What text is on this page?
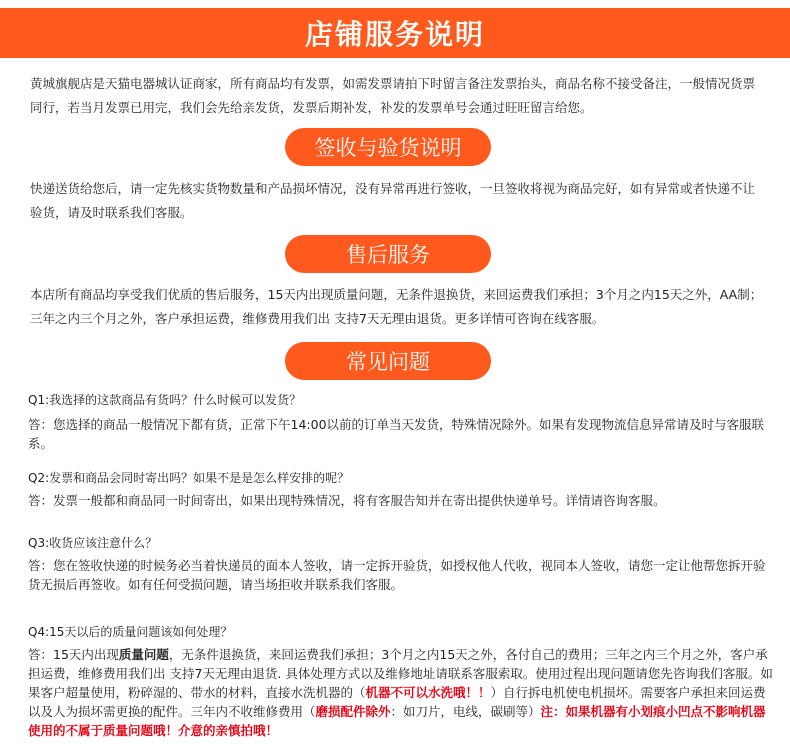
店铺服务说明
黄城旗舰店是天猫电器城认证商家，所有商品均有发票，如需发票请拍下时留言备注发票抬头，商品名称不接受备注，一般情况货票同行，若当月发票已用完，我们会先给亲发货，发票后期补发，补发的发票单号会通过旺旺留言给您。
签收与验货说明
快递送货给您后，请一定先核实货物数量和产品损坏情况，没有异常再进行签收，一旦签收将视为商品完好，如有异常或者快递不让验货，请及时联系我们客服。
售后服务
本店所有商品均享受我们优质的售后服务，15天内出现质量问题，无条件退换货，来回运费我们承担；3个月之内15天之外，AA制；三年之内三个月之外，客户承担运费，维修费用我们出 支持7天无理由退货。更多详情可咨询在线客服。
常见问题
Q1:我选择的这款商品有货吗？什么时候可以发货？
答：您选择的商品一般情况下都有货，正常下午14:00以前的订单当天发货，特殊情况除外。如果有发现物流信息异常请及时与客服联系。
Q2:发票和商品会同时寄出吗？如果不是是怎么样安排的呢？
答：发票一般都和商品同一时间寄出，如果出现特殊情况，将有客服告知并在寄出提供快递单号。详情请咨询客服。
Q3:收货应该注意什么？
答：您在签收快递的时候务必当着快递员的面本人签收，请一定拆开验货，如授权他人代收，视同本人签收，请您一定让他帮您拆开验货无损后再签收。如有任何受损问题，请当场拒收并联系我们客服。
Q4:15天以后的质量问题该如何处理？
答：15天内出现质量问题，无条件退换货，来回运费我们承担；3个月之内15天之外，各付自己的费用；三年之内三个月之外，客户承担运费，维修费用我们出 支持7天无理由退货. 具体处理方式以及维修地址请联系客服索取。使用过程出现问题请您先咨询我们客服。如果客户超量使用，粉碎湿的、带水的材料，直接水洗机器的（机器不可以水洗哦！！）自行拆电机使电机损坏。需要客户承担来回运费以及人为损坏需更换的配件。三年内不收维修费用（磨损配件除外：如刀片，电线，碳刷等）注：如果机器有小划痕小凹点不影响机器使用的不属于质量问题哦！介意的亲慎拍哦！
